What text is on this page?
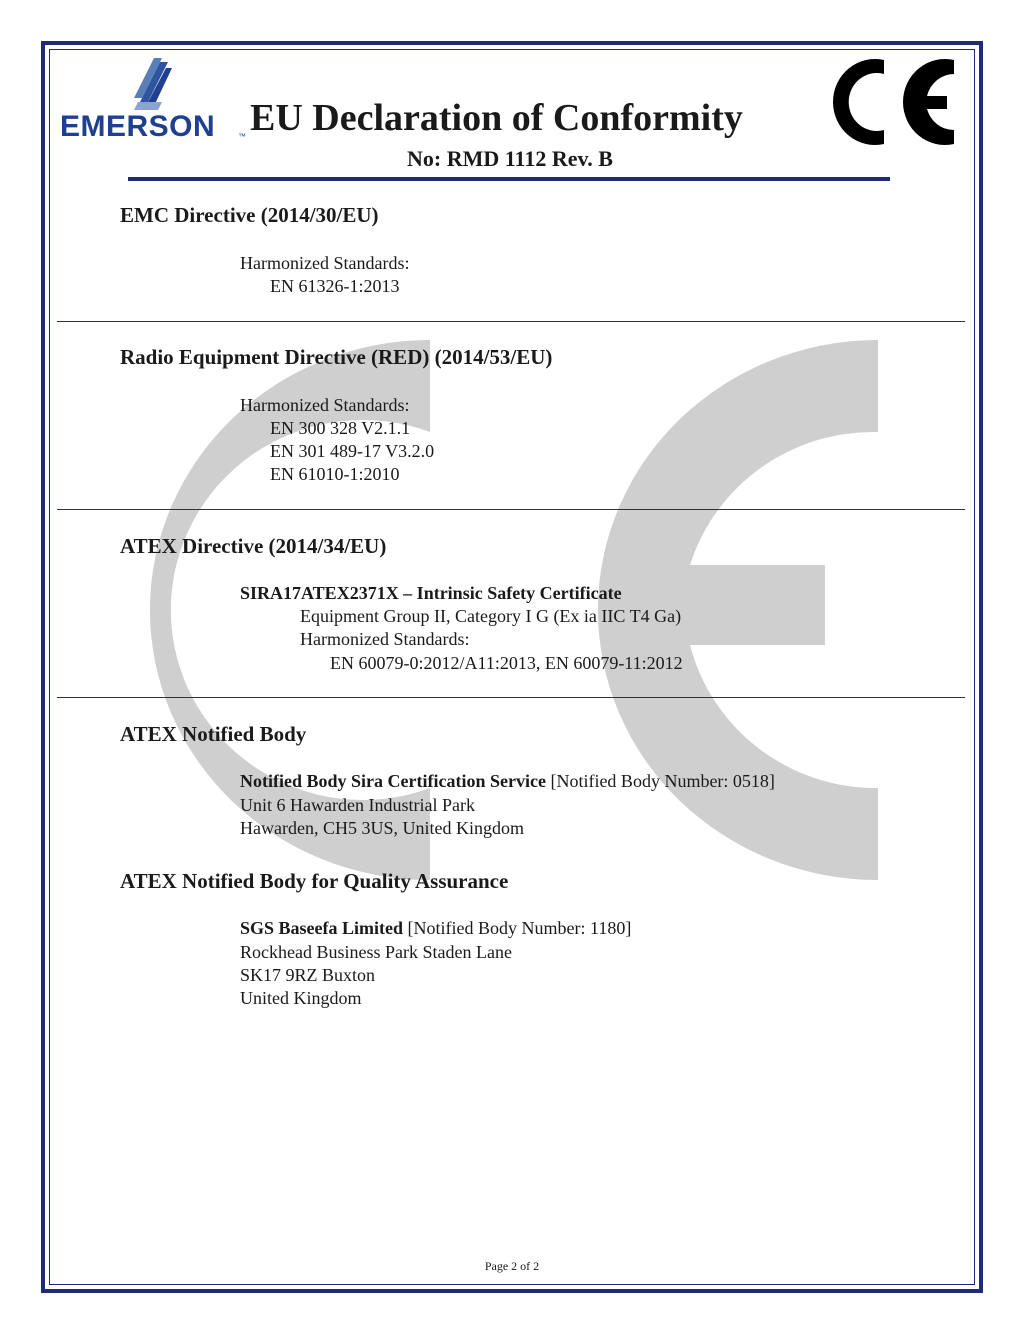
EMERSON	™ EU Declaration of Conformity
No: RMD 1112 Rev. B
EMC Directive (2014/30/EU)
Harmonized Standards:
EN 61326-1:2013
Radio Equipment Directive (RED) (2014/53/EU)
Harmonized Standards:
EN 300 328 V2.1.1
EN 301 489-17 V3.2.0
EN 61010-1:2010
ATEX Directive (2014/34/EU)
SIRA17ATEX2371X – Intrinsic Safety Certificate
Equipment Group II, Category I G (Ex ia IIC T4 Ga)
Harmonized Standards:
EN 60079-0:2012/A11:2013, EN 60079-11:2012
ATEX Notified Body
Notified Body Sira Certification Service [Notified Body Number: 0518]
Unit 6 Hawarden Industrial Park
Hawarden, CH5 3US, United Kingdom
ATEX Notified Body for Quality Assurance
SGS Baseefa Limited [Notified Body Number: 1180]
Rockhead Business Park Staden Lane
SK17 9RZ Buxton
United Kingdom
Page 2 of 2
